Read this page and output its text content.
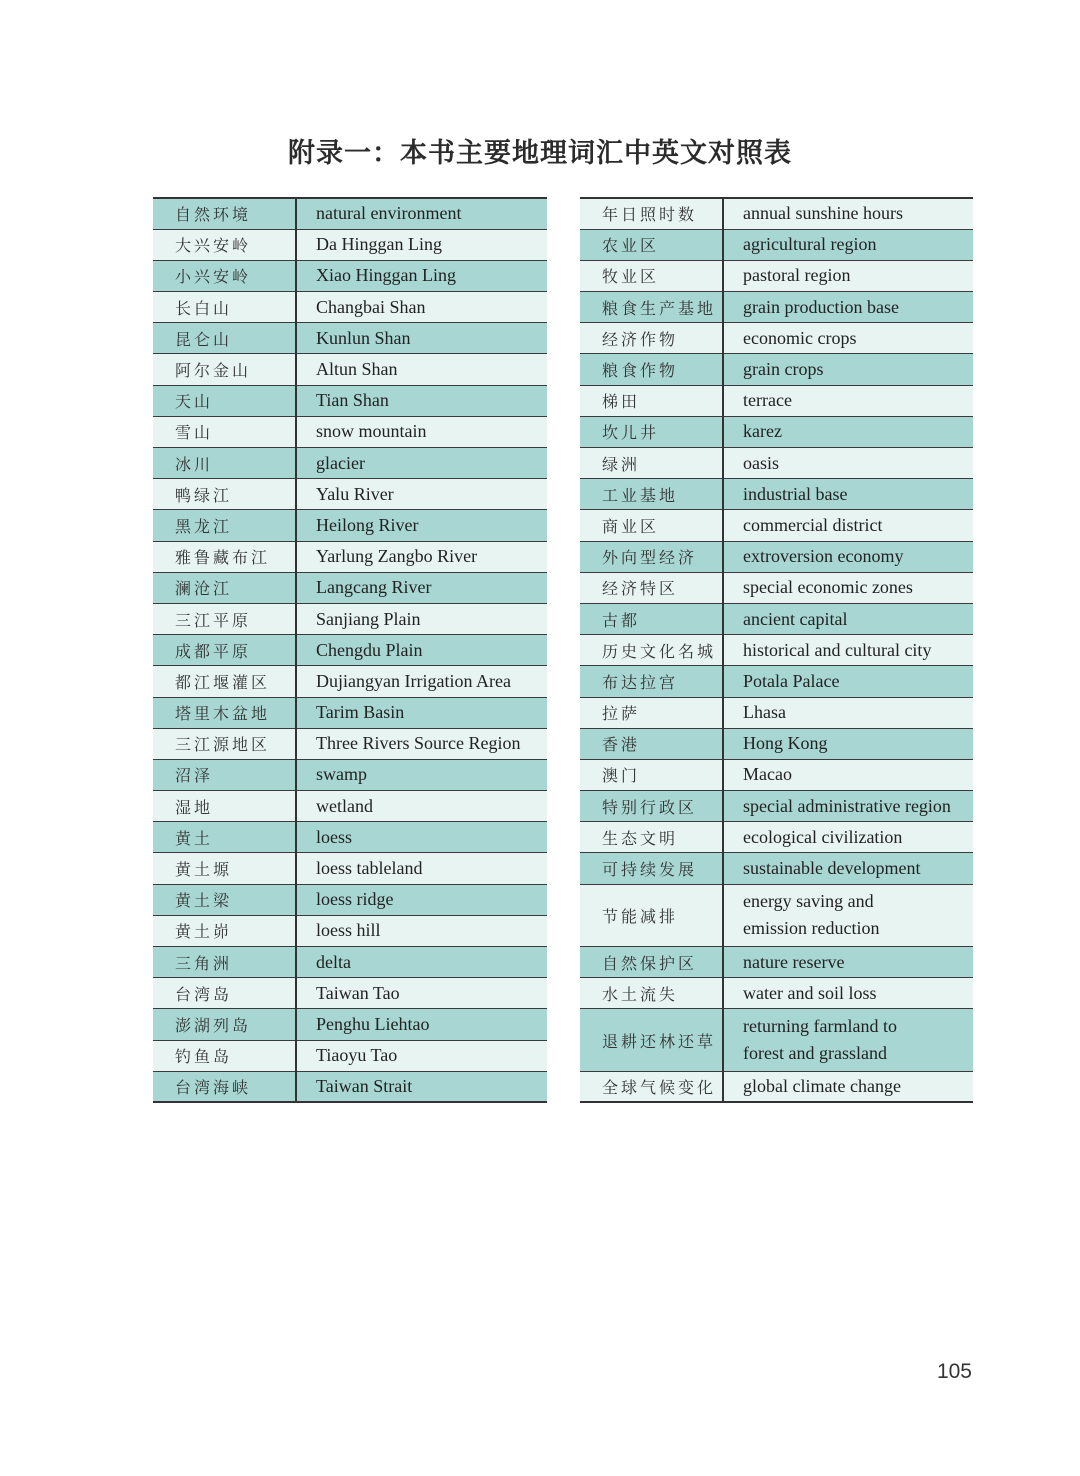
附录一：本书主要地理词汇中英文对照表
自然环境	natural environment
大兴安岭	Da Hinggan Ling
小兴安岭	Xiao Hinggan Ling
长白山	Changbai Shan
昆仑山	Kunlun Shan
阿尔金山	Altun Shan
天山	Tian Shan
雪山	snow mountain
冰川	glacier
鸭绿江	Yalu River
黑龙江	Heilong River
雅鲁藏布江	Yarlung Zangbo River
澜沧江	Langcang River
三江平原	Sanjiang Plain
成都平原	Chengdu Plain
都江堰灌区	Dujiangyan Irrigation Area
塔里木盆地	Tarim Basin
三江源地区	Three Rivers Source Region
沼泽	swamp
湿地	wetland
黄土	loess
黄土塬	loess tableland
黄土梁	loess ridge
黄土峁	loess hill
三角洲	delta
台湾岛	Taiwan Tao
澎湖列岛	Penghu Liehtao
钓鱼岛	Tiaoyu Tao
台湾海峡	Taiwan Strait
年日照时数	annual sunshine hours
农业区	agricultural region
牧业区	pastoral region
粮食生产基地	grain production base
经济作物	economic crops
粮食作物	grain crops
梯田	terrace
坎儿井	karez
绿洲	oasis
工业基地	industrial base
商业区	commercial district
外向型经济	extroversion economy
经济特区	special economic zones
古都	ancient capital
历史文化名城	historical and cultural city
布达拉宫	Potala Palace
拉萨	Lhasa
香港	Hong Kong
澳门	Macao
特别行政区	special administrative region
生态文明	ecological civilization
可持续发展	sustainable development
节能减排	energy saving and
emission reduction

自然保护区	nature reserve
水土流失	water and soil loss
退耕还林还草	returning farmland to
forest and grassland

全球气候变化	global climate change
105
